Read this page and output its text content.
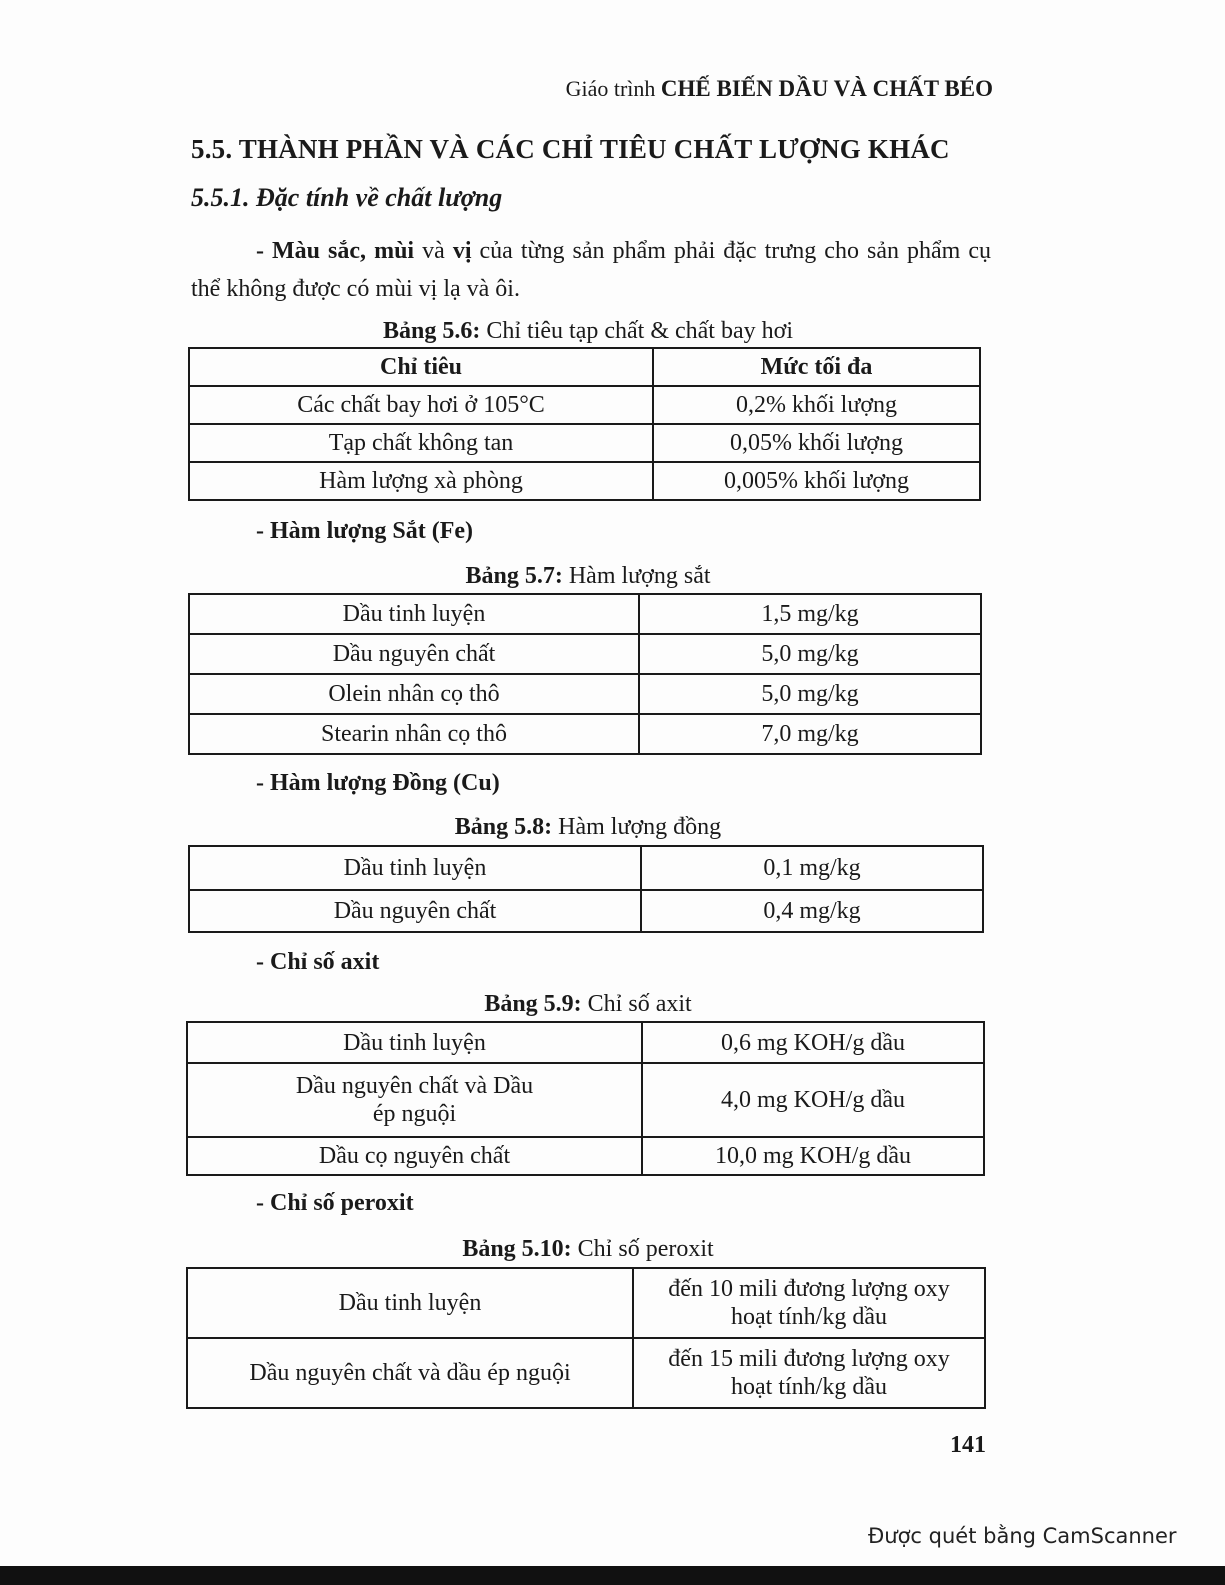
Giáo trình CHẾ BIẾN DẦU VÀ CHẤT BÉO
5.5. THÀNH PHẦN VÀ CÁC CHỈ TIÊU CHẤT LƯỢNG KHÁC
5.5.1. Đặc tính về chất lượng
- Màu sắc, mùi và vị của từng sản phẩm phải đặc trưng cho sản phẩm cụ thể không được có mùi vị lạ và ôi.
Bảng 5.6: Chỉ tiêu tạp chất & chất bay hơi
Chỉ tiêu	Mức tối đa
Các chất bay hơi ở 105°C	0,2% khối lượng
Tạp chất không tan	0,05% khối lượng
Hàm lượng xà phòng	0,005% khối lượng
- Hàm lượng Sắt (Fe)
Bảng 5.7: Hàm lượng sắt
Dầu tinh luyện	1,5 mg/kg
Dầu nguyên chất	5,0 mg/kg
Olein nhân cọ thô	5,0 mg/kg
Stearin nhân cọ thô	7,0 mg/kg
- Hàm lượng Đồng (Cu)
Bảng 5.8: Hàm lượng đồng
Dầu tinh luyện	0,1 mg/kg
Dầu nguyên chất	0,4 mg/kg
- Chỉ số axit
Bảng 5.9: Chỉ số axit
Dầu tinh luyện	0,6 mg KOH/g dầu
Dầu nguyên chất và Dầu ép nguội	4,0 mg KOH/g dầu
Dầu cọ nguyên chất	10,0 mg KOH/g dầu
- Chỉ số peroxit
Bảng 5.10: Chỉ số peroxit
Dầu tinh luyện	đến 10 mili đương lượng oxy hoạt tính/kg dầu
Dầu nguyên chất và dầu ép nguội	đến 15 mili đương lượng oxy hoạt tính/kg dầu
141
Được quét bằng CamScanner
